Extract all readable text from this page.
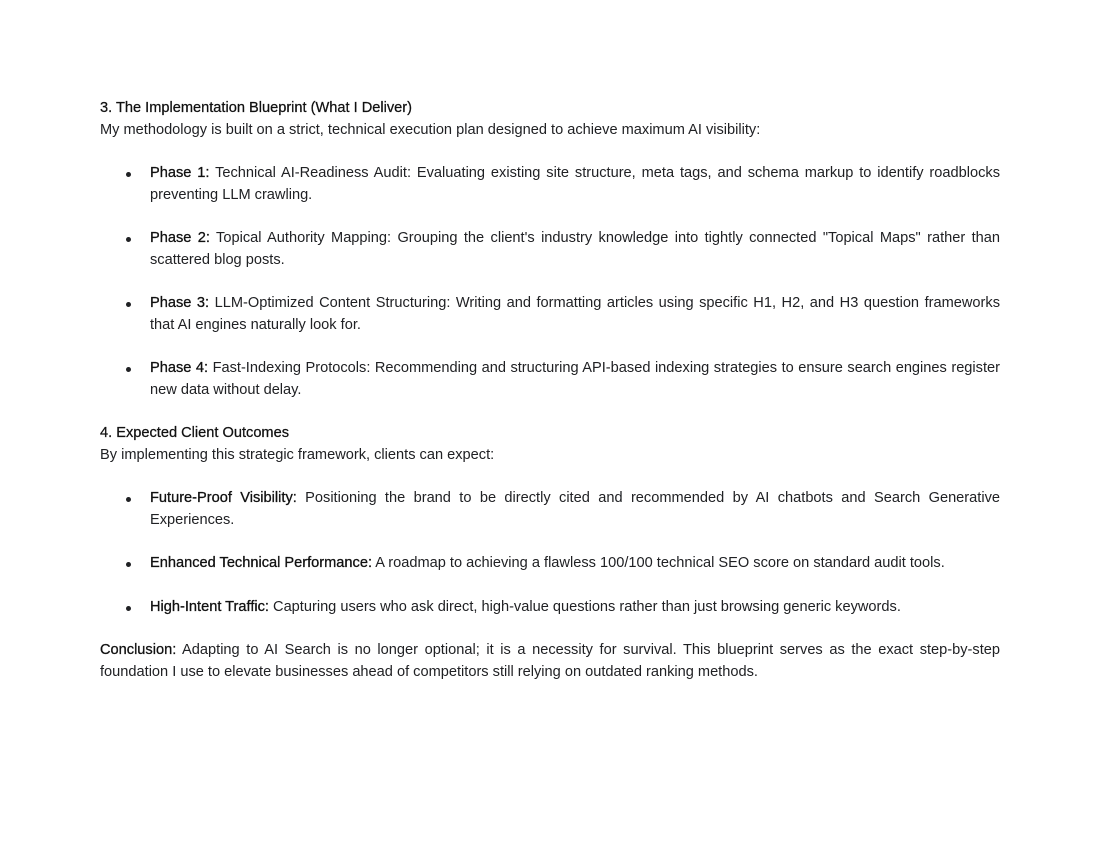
3. The Implementation Blueprint (What I Deliver)

My methodology is built on a strict, technical execution plan designed to achieve maximum AI visibility:

Phase 1: Technical AI-Readiness Audit: Evaluating existing site structure, meta tags, and schema markup to identify roadblocks preventing LLM crawling.
Phase 2: Topical Authority Mapping: Grouping the client's industry knowledge into tightly connected "Topical Maps" rather than scattered blog posts.
Phase 3: LLM-Optimized Content Structuring: Writing and formatting articles using specific H1, H2, and H3 question frameworks that AI engines naturally look for.
Phase 4: Fast-Indexing Protocols: Recommending and structuring API-based indexing strategies to ensure search engines register new data without delay.

4. Expected Client Outcomes

By implementing this strategic framework, clients can expect:

Future-Proof Visibility: Positioning the brand to be directly cited and recommended by AI chatbots and Search Generative Experiences.
Enhanced Technical Performance: A roadmap to achieving a flawless 100/100 technical SEO score on standard audit tools.
High-Intent Traffic: Capturing users who ask direct, high-value questions rather than just browsing generic keywords.

Conclusion: Adapting to AI Search is no longer optional; it is a necessity for survival. This blueprint serves as the exact step-by-step foundation I use to elevate businesses ahead of competitors still relying on outdated ranking methods.
